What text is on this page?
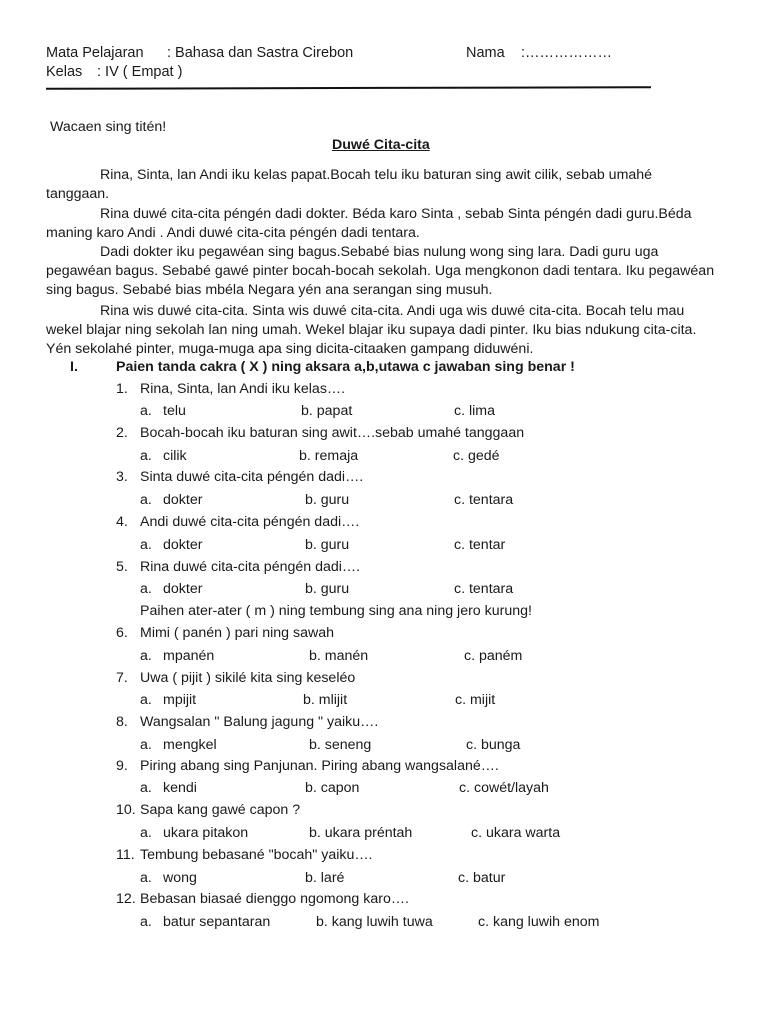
Mata Pelajaran : Bahasa dan Sastra Cirebon	Nama :………………
Kelas : IV ( Empat )
Wacaen sing titén!
Duwé Cita-cita
Rina, Sinta, lan Andi iku kelas papat.Bocah telu iku baturan sing awit cilik, sebab umahé tanggaan.
Rina duwé cita-cita péngén dadi dokter. Béda karo Sinta , sebab Sinta péngén dadi guru.Béda maning karo Andi . Andi duwé cita-cita péngén dadi tentara.
Dadi dokter iku pegawéan sing bagus.Sebabé bias nulung wong sing lara. Dadi guru uga pegawéan bagus. Sebabé gawé pinter bocah-bocah sekolah. Uga mengkonon dadi tentara. Iku pegawéan sing bagus. Sebabé bias mbéla Negara yén ana serangan sing musuh.
Rina wis duwé cita-cita. Sinta wis duwé cita-cita. Andi uga wis duwé cita-cita. Bocah telu mau wekel blajar ning sekolah lan ning umah. Wekel blajar iku supaya dadi pinter. Iku bias ndukung cita-cita. Yén sekolahé pinter, muga-muga apa sing dicita-citaaken gampang diduwéni.
I.	Paien tanda cakra ( X ) ning aksara a,b,utawa c jawaban sing benar !
1. Rina, Sinta, lan Andi iku kelas….
a. telu	b. papat	c. lima
2. Bocah-bocah iku baturan sing awit….sebab umahé tanggaan
a. cilik	b. remaja	c. gedé
3. Sinta duwé cita-cita péngén dadi….
a. dokter	b. guru	c. tentara
4. Andi duwé cita-cita péngén dadi….
a. dokter	b. guru	c. tentar
5. Rina duwé cita-cita péngén dadi….
a. dokter	b. guru	c. tentara
Paihen ater-ater ( m ) ning tembung sing ana ning jero kurung!
6. Mimi ( panén ) pari ning sawah
a. mpanén	b. manén	c. paném
7. Uwa ( pijit ) sikilé kita sing keseléo
a. mpijit	b. mlijit	c. mijit
8. Wangsalan " Balung jagung " yaiku….
a. mengkel	b. seneng	c. bunga
9. Piring abang sing Panjunan. Piring abang wangsalané….
a. kendi	b. capon	c. cowét/layah
10. Sapa kang gawé capon ?
a. ukara pitakon	b. ukara préntah	c. ukara warta
11. Tembung bebasané "bocah" yaiku….
a. wong	b. laré	c. batur
12. Bebasan biasaé dienggo ngomong karo….
a. batur sepantaran	b. kang luwih tuwa	c. kang luwih enom
